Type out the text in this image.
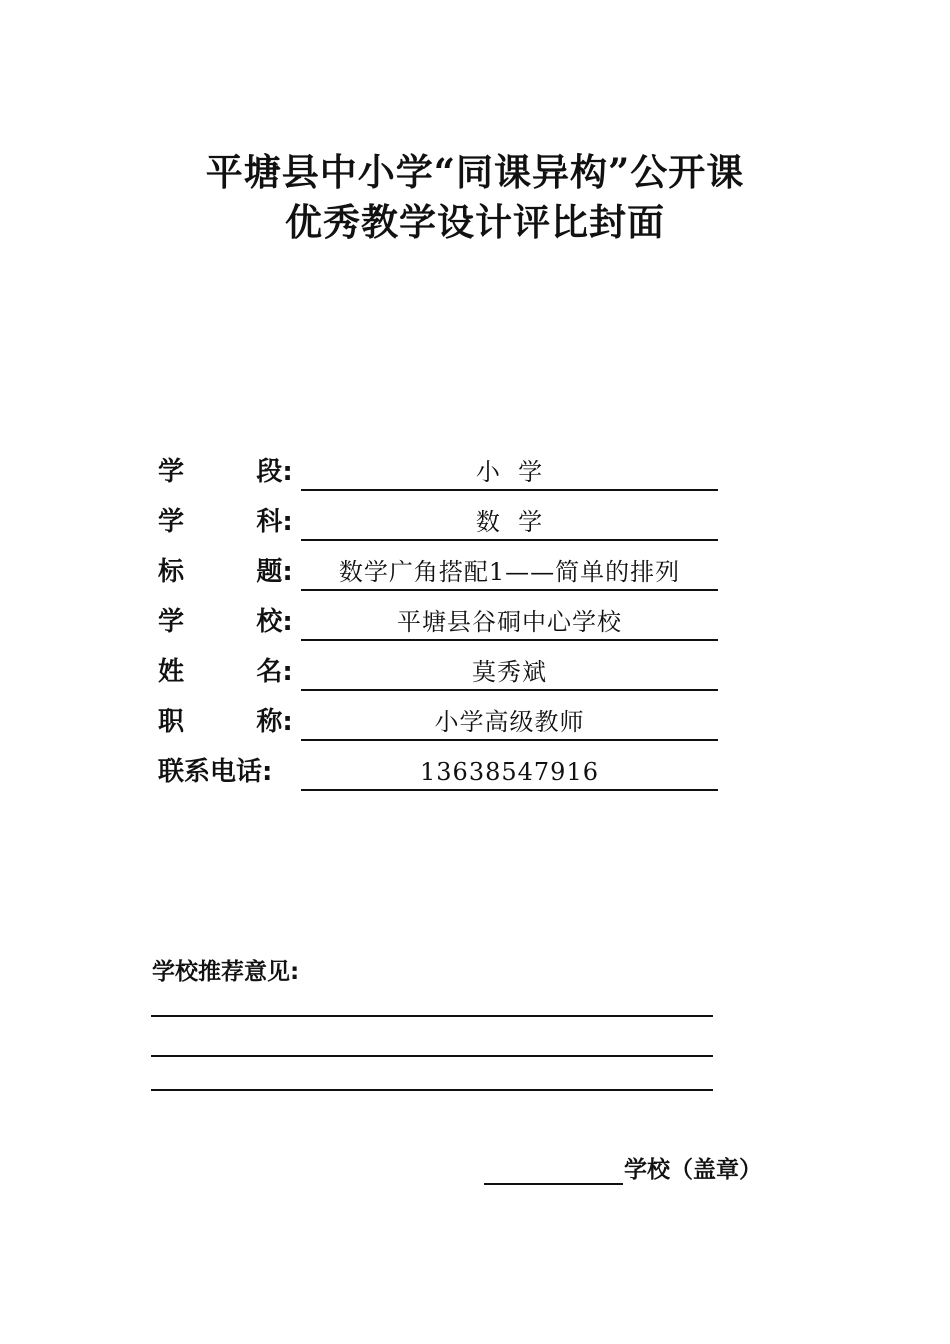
平塘县中小学“同课异构”公开课
优秀教学设计评比封面
学        段:	小  学
学        科:	数  学
标        题:	数学广角搭配1——简单的排列
学        校:	平塘县谷硐中心学校
姓        名:	莫秀斌
职        称:	小学高级教师
联系电话:	13638547916
学校推荐意见:
学校（盖章）
